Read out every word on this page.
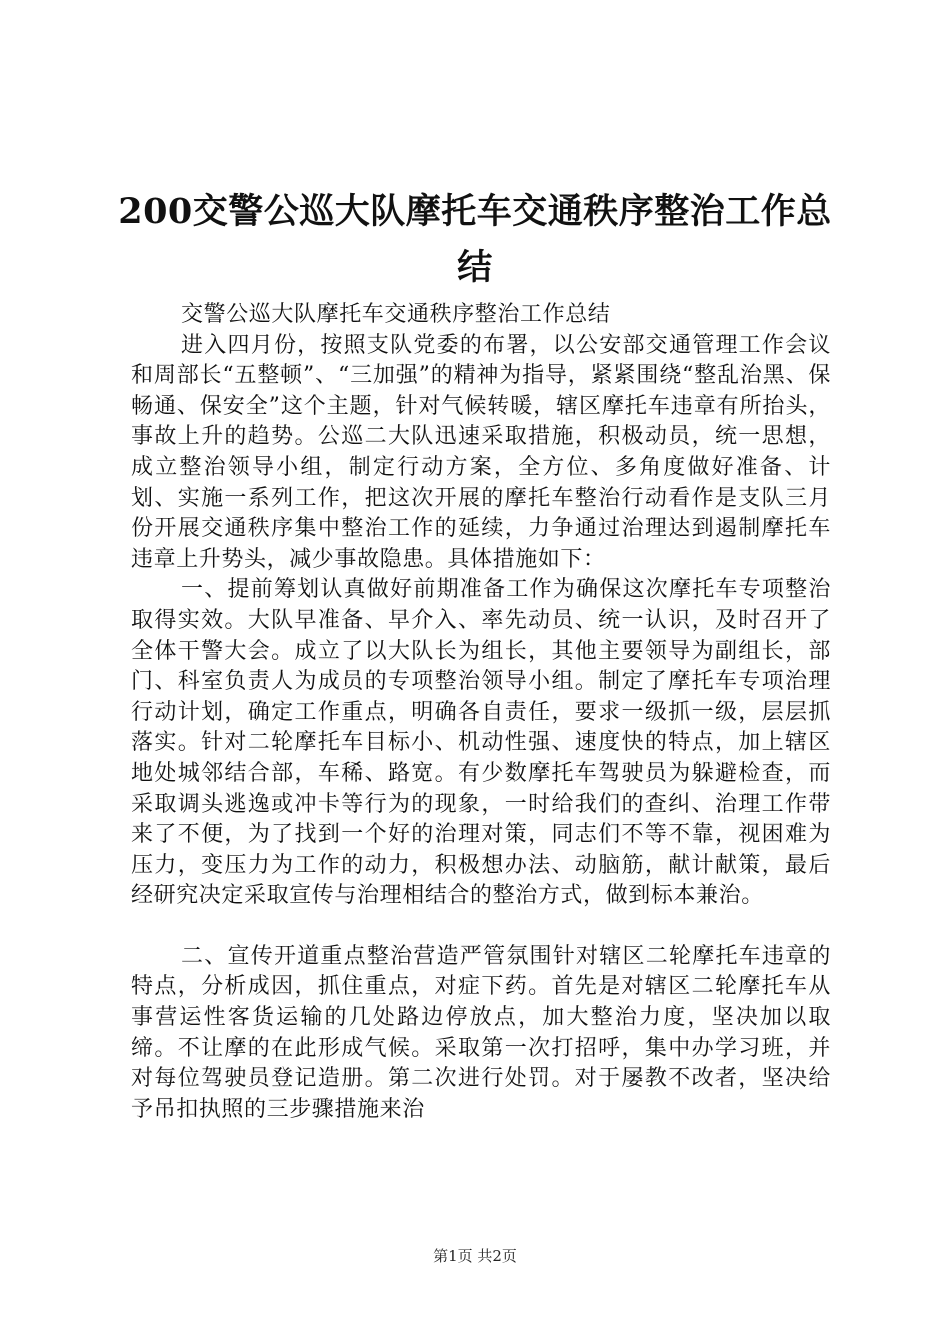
200交警公巡大队摩托车交通秩序整治工作总
结

交警公巡大队摩托车交通秩序整治工作总结

进入四月份，按照支队党委的布署，以公安部交通管理工作会议和周部长“五整顿”、“三加强”的精神为指导，紧紧围绕“整乱治黑、保畅通、保安全”这个主题，针对气候转暖，辖区摩托车违章有所抬头，事故上升的趋势。公巡二大队迅速采取措施，积极动员，统一思想，成立整治领导小组，制定行动方案，全方位、多角度做好准备、计划、实施一系列工作，把这次开展的摩托车整治行动看作是支队三月份开展交通秩序集中整治工作的延续，力争通过治理达到遏制摩托车违章上升势头，减少事故隐患。具体措施如下：

一、提前筹划认真做好前期准备工作为确保这次摩托车专项整治取得实效。大队早准备、早介入、率先动员、统一认识，及时召开了全体干警大会。成立了以大队长为组长，其他主要领导为副组长，部门、科室负责人为成员的专项整治领导小组。制定了摩托车专项治理行动计划，确定工作重点，明确各自责任，要求一级抓一级，层层抓落实。针对二轮摩托车目标小、机动性强、速度快的特点，加上辖区地处城邻结合部，车稀、路宽。有少数摩托车驾驶员为躲避检查，而采取调头逃逸或冲卡等行为的现象，一时给我们的查纠、治理工作带来了不便，为了找到一个好的治理对策，同志们不等不靠，视困难为压力，变压力为工作的动力，积极想办法、动脑筋，献计献策，最后经研究决定采取宣传与治理相结合的整治方式，做到标本兼治。

二、宣传开道重点整治营造严管氛围针对辖区二轮摩托车违章的特点，分析成因，抓住重点，对症下药。首先是对辖区二轮摩托车从事营运性客货运输的几处路边停放点，加大整治力度，坚决加以取缔。不让摩的在此形成气候。采取第一次打招呼，集中办学习班，并对每位驾驶员登记造册。第二次进行处罚。对于屡教不改者，坚决给予吊扣执照的三步骤措施来治

第1页 共2页
